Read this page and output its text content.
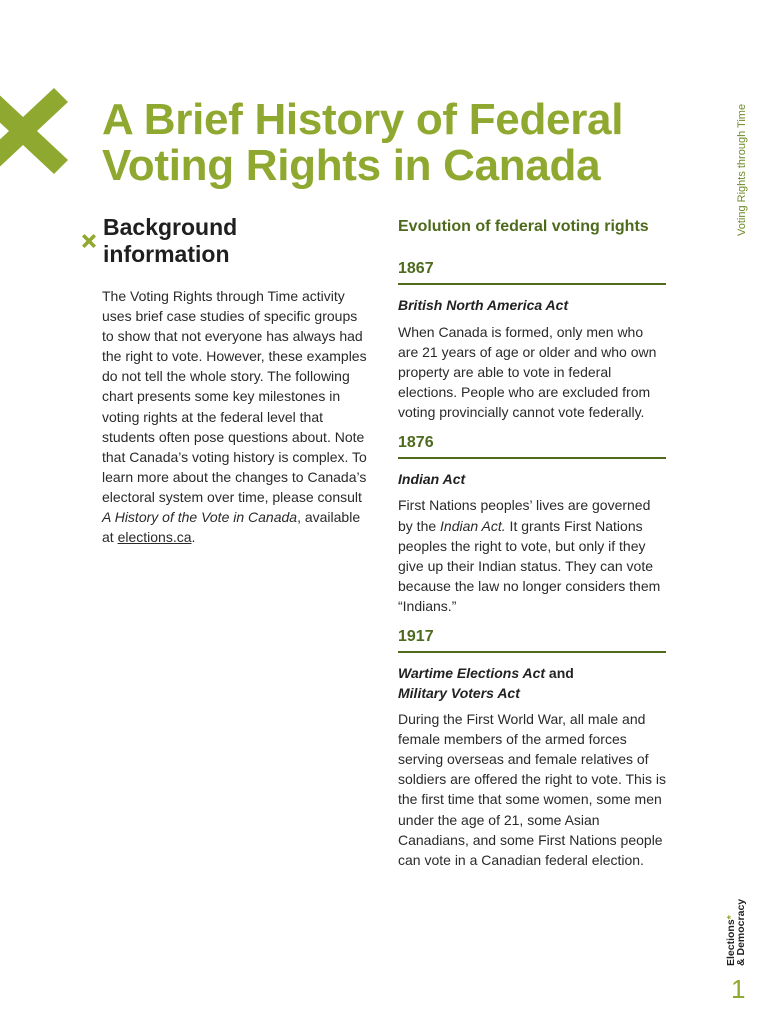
A Brief History of Federal
Voting Rights in Canada	Voting Rights through Time
Background information

The Voting Rights through Time activity uses brief case studies of specific groups to show that not everyone has always had the right to vote. However, these examples do not tell the whole story. The following chart presents some key milestones in voting rights at the federal level that students often pose questions about. Note that Canada’s voting history is complex. To learn more about the changes to Canada’s electoral system over time, please consult A History of the Vote in Canada, available at elections.ca.

Evolution of federal voting rights
1867
British North America Act
When Canada is formed, only men who are 21 years of age or older and who own property are able to vote in federal elections. People who are excluded from voting provincially cannot vote federally.
1876
Indian Act
First Nations peoples’ lives are governed by the Indian Act. It grants First Nations peoples the right to vote, but only if they give up their Indian status. They can vote because the law no longer considers them “Indians.”
1917
Wartime Elections Act and
Military Voters Act
During the First World War, all male and female members of the armed forces serving overseas and female relatives of soldiers are offered the right to vote. This is the first time that some women, some men under the age of 21, some Asian Canadians, and some First Nations people can vote in a Canadian federal election.
Elections*
& Democracy
1
